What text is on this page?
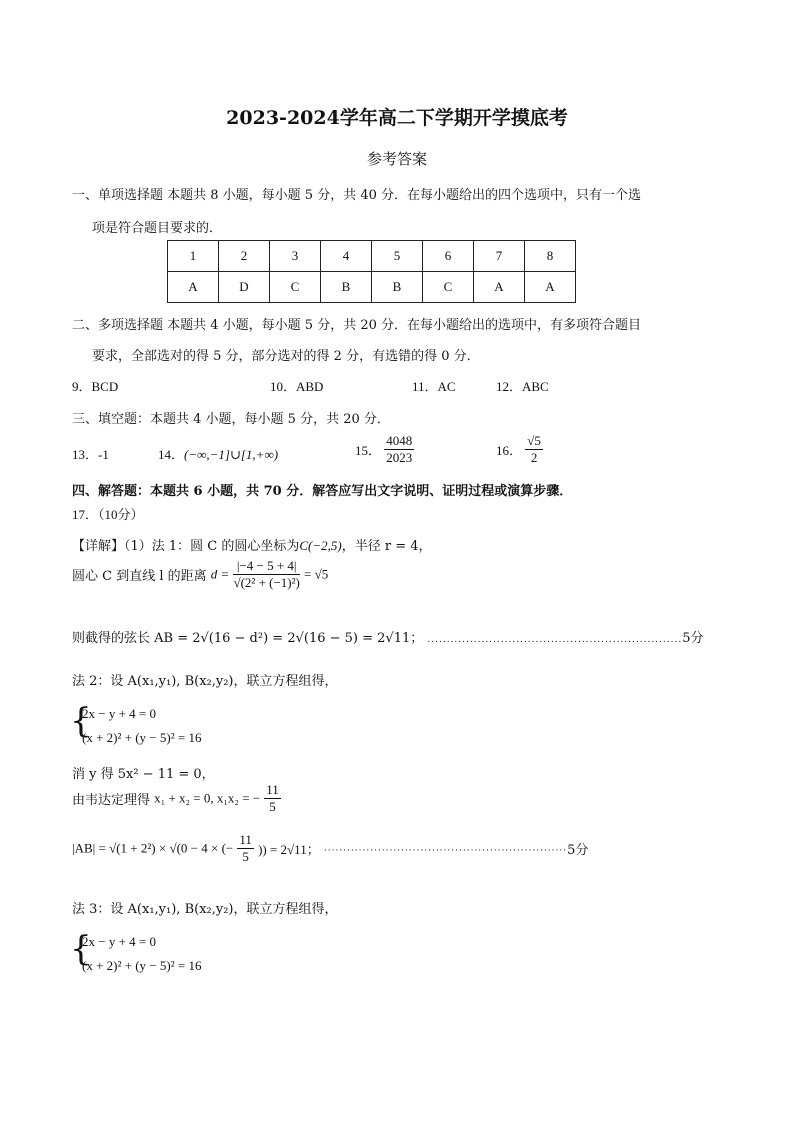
2023-2024学年高二下学期开学摸底考
参考答案
一、单项选择题 本题共 8 小题，每小题 5 分，共 40 分．在每小题给出的四个选项中，只有一个选
项是符合题目要求的．
1	2	3	4	5	6	7	8
A	D	C	B	B	C	A	A
二、多项选择题 本题共 4 小题，每小题 5 分，共 20 分．在每小题给出的选项中，有多项符合题目
要求，全部选对的得 5 分，部分选对的得 2 分，有选错的得 0 分．
9．BCD	10．ABD	11．AC	12．ABC
三、填空题：本题共 4 小题，每小题 5 分，共 20 分．
13．-1	14．(−∞,−1]∪[1,+∞)	15． $\frac{4048}{2023}$	16． $\frac{√5}{2}$
四、解答题：本题共 6 小题，共 70 分．解答应写出文字说明、证明过程或演算步骤．
17．（10分）
【详解】（1）法 1：圆 C 的圆心坐标为C(−2,5)，半径 r = 4，
圆心 C 到直线 l 的距离 $d = \frac{|-4 - 5 + 4|}{\text{√(2² + (−1)²)}} = √5$
则截得的弦长 AB = 2√(16 − d²) = 2√(16 − 5) = 2√11； ..................................................................5分
法 2：设 A(x₁,y₁), B(x₂,y₂)，联立方程组得，
{
2x − y + 4 = 0
(x + 2)² + (y − 5)² = 16
消 y 得 5x² − 11 = 0，
由韦达定理得 x₁ + x₂ = 0, x₁x₂ = − $\frac{11}{5}$
|AB| = √(1 + 2²) × √(0 − 4 × (− $\frac{11}{5}$ )) = 2√11； ...............................................................5分
法 3：设 A(x₁,y₁), B(x₂,y₂)，联立方程组得，
{
2x − y + 4 = 0
(x + 2)² + (y − 5)² = 16
